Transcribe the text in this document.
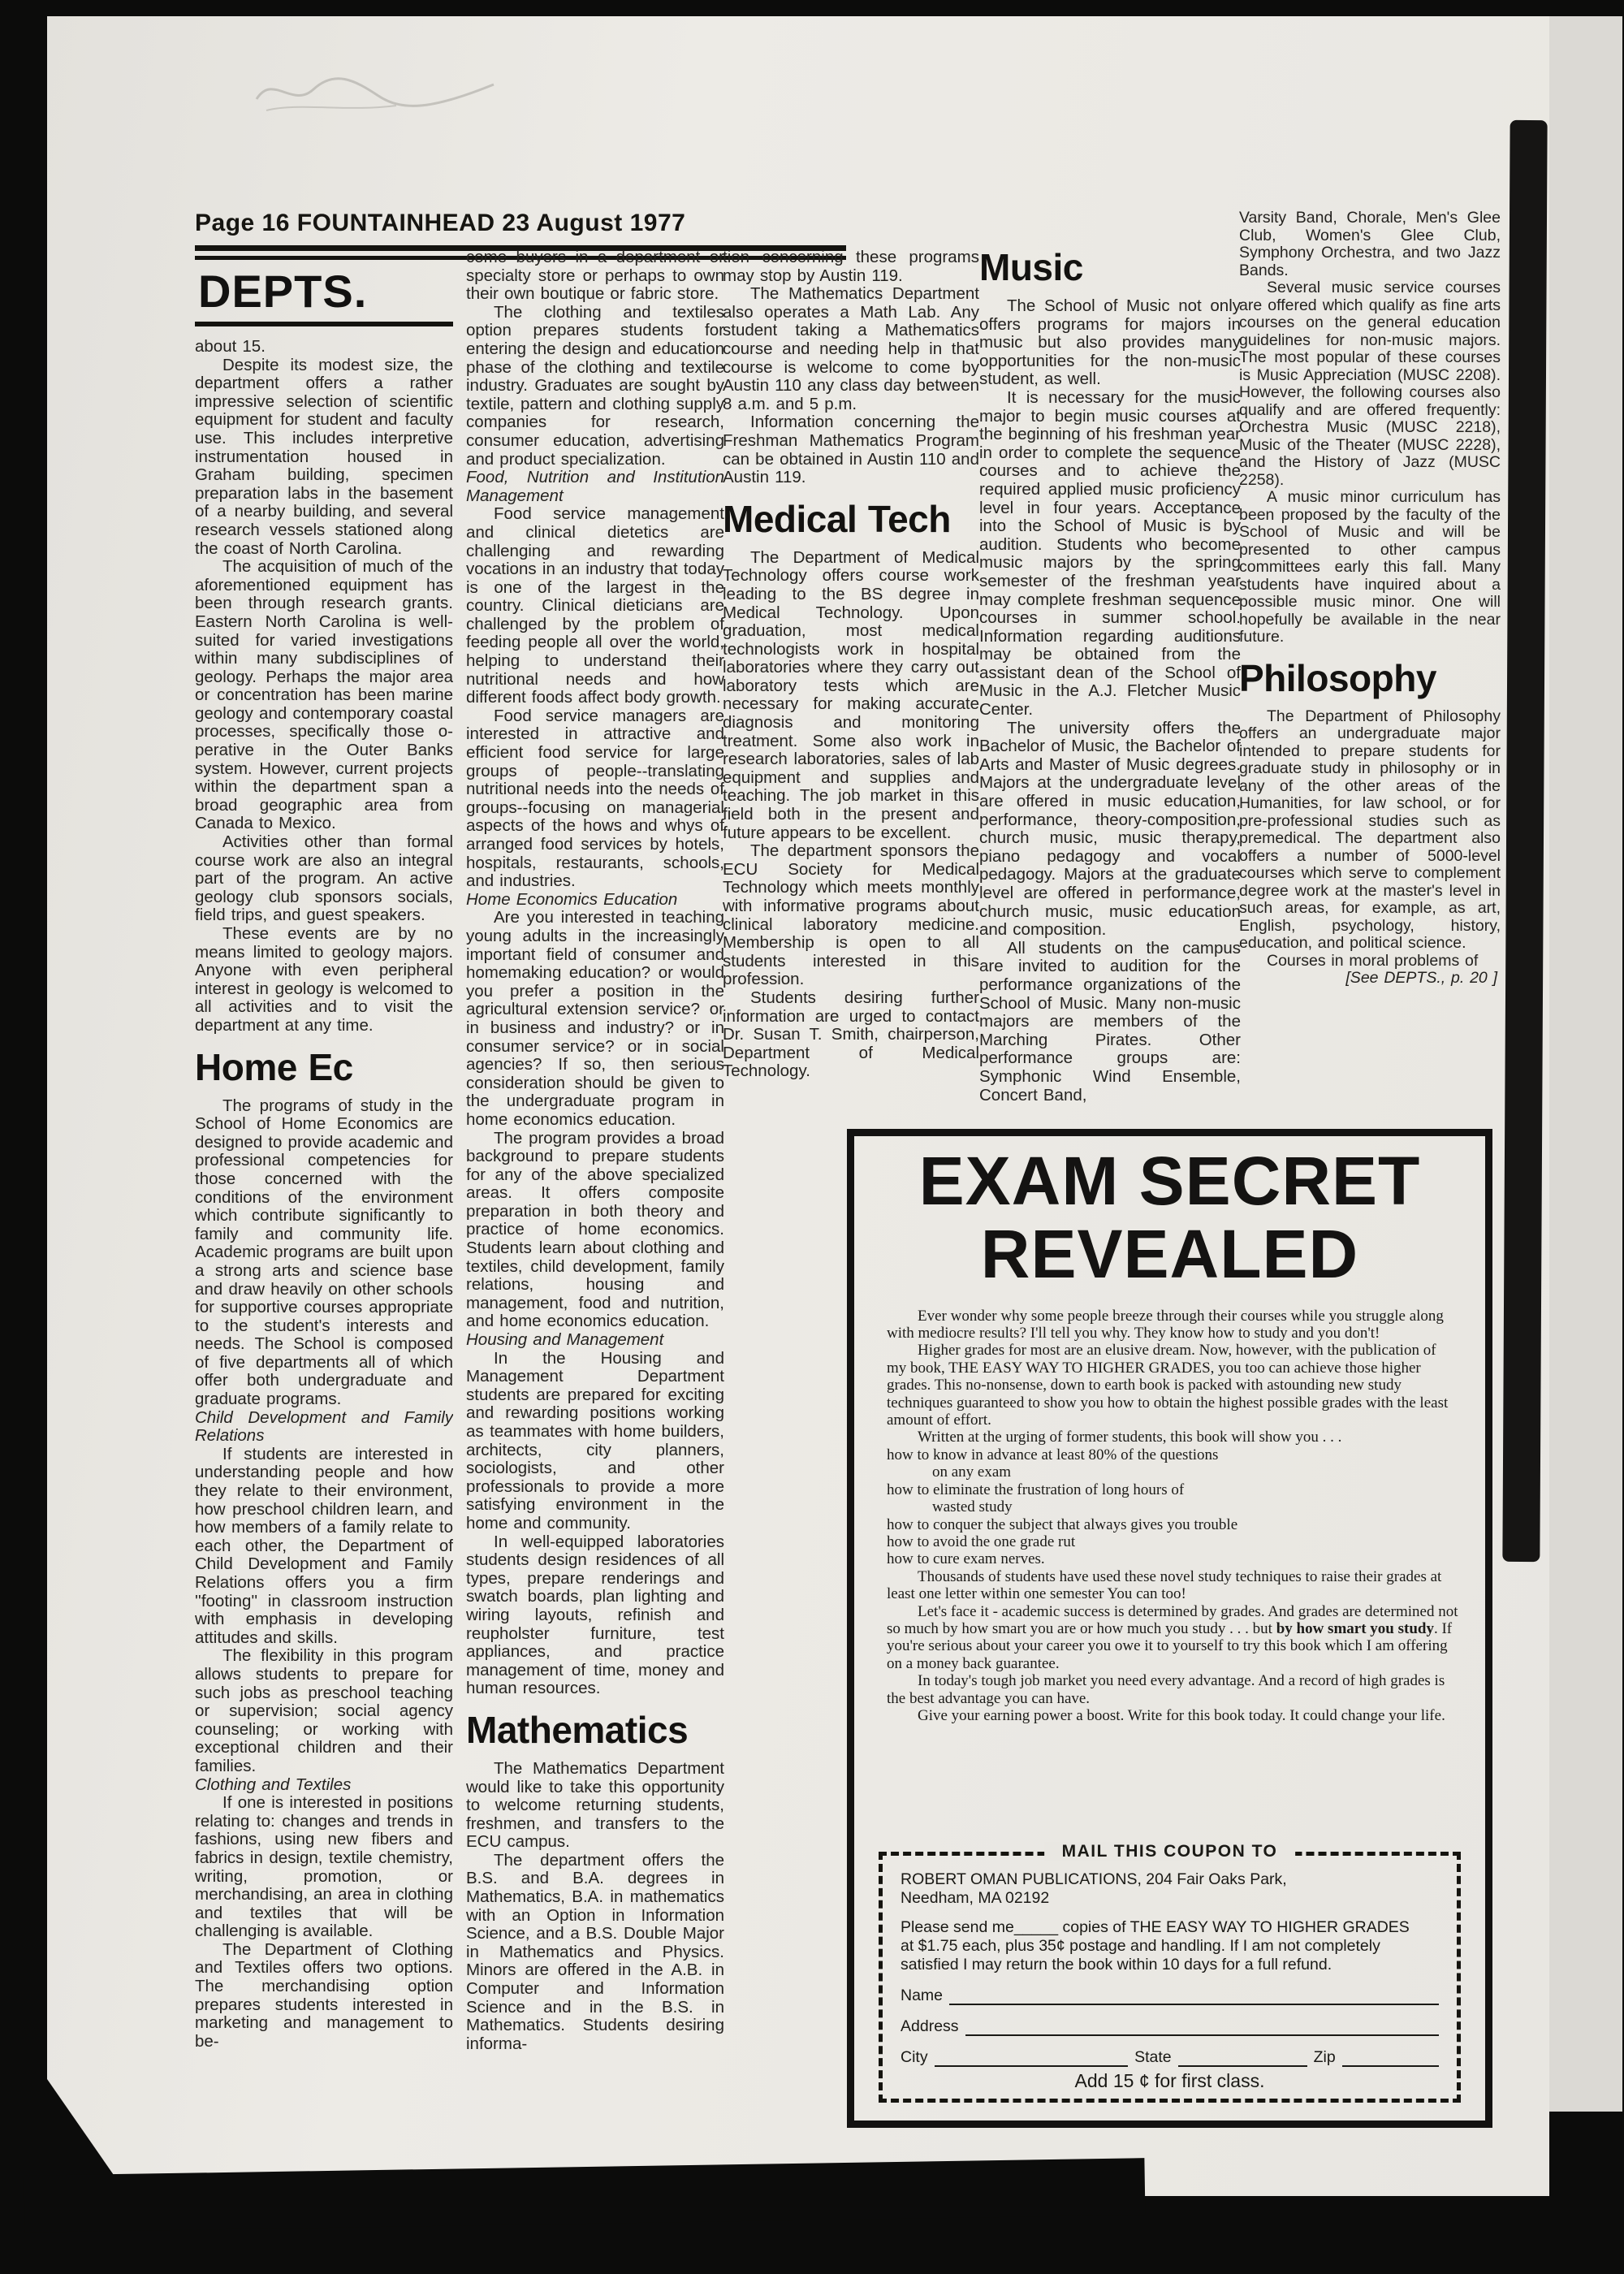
Page 16 FOUNTAINHEAD 23 August 1977
DEPTS.

about 15.

Despite its modest size, the department offers a rather impressive selection of scientific equipment for student and faculty use. This includes interpretive instrumentation housed in Graham building, specimen preparation labs in the basement of a nearby building, and several research vessels stationed along the coast of North Carolina.

The acquisition of much of the aforementioned equipment has been through research grants. Eastern North Carolina is well-suited for varied investigations within many subdisciplines of geology. Perhaps the major area or concentration has been marine geology and contemporary coastal processes, specifically those o-perative in the Outer Banks system. However, current projects within the department span a broad geographic area from Canada to Mexico.

Activities other than formal course work are also an integral part of the program. An active geology club sponsors socials, field trips, and guest speakers.

These events are by no means limited to geology majors. Anyone with even peripheral interest in geology is welcomed to all activities and to visit the department at any time.

Home Ec

The programs of study in the School of Home Economics are designed to provide academic and professional competencies for those concerned with the conditions of the environment which contribute significantly to family and community life. Academic programs are built upon a strong arts and science base and draw heavily on other schools for supportive courses appropriate to the student's interests and needs. The School is composed of five departments all of which offer both undergraduate and graduate programs.

Child Development and Family Relations

If students are interested in understanding people and how they relate to their environment, how preschool children learn, and how members of a family relate to each other, the Department of Child Development and Family Relations offers you a firm ''footing'' in classroom instruction with emphasis in developing attitudes and skills.

The flexibility in this program allows students to prepare for such jobs as preschool teaching or supervision; social agency counseling; or working with exceptional children and their families.

Clothing and Textiles

If one is interested in positions relating to: changes and trends in fashions, using new fibers and fabrics in design, textile chemistry, writing, promotion, or merchandising, an area in clothing and textiles that will be challenging is available.

The Department of Clothing and Textiles offers two options. The merchandising option prepares students interested in marketing and management to be-

come buyers in a department or specialty store or perhaps to own their own boutique or fabric store.

The clothing and textiles option prepares students for entering the design and education phase of the clothing and textile industry. Graduates are sought by textile, pattern and clothing supply companies for research, consumer education, advertising and product specialization.

Food, Nutrition and Institution Management

Food service management and clinical dietetics are challenging and rewarding vocations in an industry that today is one of the largest in the country. Clinical dieticians are challenged by the problem of feeding people all over the world, helping to understand their nutritional needs and how different foods affect body growth.

Food service managers are interested in attractive and efficient food service for large groups of people--translating nutritional needs into the needs of groups--focusing on managerial aspects of the hows and whys of arranged food services by hotels, hospitals, restaurants, schools, and industries.

Home Economics Education

Are you interested in teaching young adults in the increasingly important field of consumer and homemaking education? or would you prefer a position in the agricultural extension service? or in business and industry? or in consumer service? or in social agencies? If so, then serious consideration should be given to the undergraduate program in home economics education.

The program provides a broad background to prepare students for any of the above specialized areas. It offers composite preparation in both theory and practice of home economics. Students learn about clothing and textiles, child development, family relations, housing and management, food and nutrition, and home economics education.

Housing and Management

In the Housing and Management Department students are prepared for exciting and rewarding positions working as teammates with home builders, architects, city planners, sociologists, and other professionals to provide a more satisfying environment in the home and community.

In well-equipped laboratories students design residences of all types, prepare renderings and swatch boards, plan lighting and wiring layouts, refinish and reupholster furniture, test appliances, and practice management of time, money and human resources.

Mathematics

The Mathematics Department would like to take this opportunity to welcome returning students, freshmen, and transfers to the ECU campus.

The department offers the B.S. and B.A. degrees in Mathematics, B.A. in mathematics with an Option in Information Science, and a B.S. Double Major in Mathematics and Physics. Minors are offered in the A.B. in Computer and Information Science and in the B.S. in Mathematics. Students desiring informa-

tion concerning these programs may stop by Austin 119.

The Mathematics Department also operates a Math Lab. Any student taking a Mathematics course and needing help in that course is welcome to come by Austin 110 any class day between 8 a.m. and 5 p.m.

Information concerning the Freshman Mathematics Program can be obtained in Austin 110 and Austin 119.

Medical Tech

The Department of Medical Technology offers course work leading to the BS degree in Medical Technology. Upon graduation, most medical technologists work in hospital laboratories where they carry out laboratory tests which are necessary for making accurate diagnosis and monitoring treatment. Some also work in research laboratories, sales of lab equipment and supplies and teaching. The job market in this field both in the present and future appears to be excellent.

The department sponsors the ECU Society for Medical Technology which meets monthly with informative programs about clinical laboratory medicine. Membership is open to all students interested in this profession.

Students desiring further information are urged to contact Dr. Susan T. Smith, chairperson, Department of Medical Technology.

Music

The School of Music not only offers programs for majors in music but also provides many opportunities for the non-music student, as well.

It is necessary for the music major to begin music courses at the beginning of his freshman year in order to complete the sequence courses and to achieve the required applied music proficiency level in four years. Acceptance into the School of Music is by audition. Students who become music majors by the spring semester of the freshman year may complete freshman sequence courses in summer school. Information regarding auditions may be obtained from the assistant dean of the School of Music in the A.J. Fletcher Music Center.

The university offers the Bachelor of Music, the Bachelor of Arts and Master of Music degrees. Majors at the undergraduate level are offered in music education, performance, theory-composition, church music, music therapy, piano pedagogy and vocal pedagogy. Majors at the graduate level are offered in performance, church music, music education and composition.

All students on the campus are invited to audition for the performance organizations of the School of Music. Many non-music majors are members of the Marching Pirates. Other performance groups are: Symphonic Wind Ensemble, Concert Band,

Varsity Band, Chorale, Men's Glee Club, Women's Glee Club, Symphony Orchestra, and two Jazz Bands.

Several music service courses are offered which qualify as fine arts courses on the general education guidelines for non-music majors. The most popular of these courses is Music Appreciation (MUSC 2208). However, the following courses also qualify and are offered frequently: Orchestra Music (MUSC 2218), Music of the Theater (MUSC 2228), and the History of Jazz (MUSC 2258).

A music minor curriculum has been proposed by the faculty of the School of Music and will be presented to other campus committees early this fall. Many students have inquired about a possible music minor. One will hopefully be available in the near future.

Philosophy

The Department of Philosophy offers an undergraduate major intended to prepare students for graduate study in philosophy or in any of the other areas of the Humanities, for law school, or for pre-professional studies such as premedical. The department also offers a number of 5000-level courses which serve to complement degree work at the master's level in such areas, for example, as art, English, psychology, history, education, and political science.

Courses in moral problems of

[See DEPTS., p. 20 ]

EXAM SECRET
REVEALED

Ever wonder why some people breeze through their courses while you struggle along with mediocre results? I'll tell you why. They know how to study and you don't!

Higher grades for most are an elusive dream. Now, however, with the publication of my book, THE EASY WAY TO HIGHER GRADES, you too can achieve those higher grades. This no-nonsense, down to earth book is packed with astounding new study techniques guaranteed to show you how to obtain the highest possible grades with the least amount of effort.

Written at the urging of former students, this book will show you . . .

how to know in advance at least 80% of the questions

on any exam

how to eliminate the frustration of long hours of

wasted study

how to conquer the subject that always gives you trouble

how to avoid the one grade rut

how to cure exam nerves.

Thousands of students have used these novel study techniques to raise their grades at least one letter within one semester You can too!

Let's face it - academic success is determined by grades. And grades are determined not so much by how smart you are or how much you study . . . but by how smart you study. If you're serious about your career you owe it to yourself to try this book which I am offering on a money back guarantee.

In today's tough job market you need every advantage. And a record of high grades is the best advantage you can have.

Give your earning power a boost. Write for this book today. It could change your life.

MAIL THIS COUPON TO

ROBERT OMAN PUBLICATIONS, 204 Fair Oaks Park,

Needham, MA 02192

Please send me_____ copies of THE EASY WAY TO HIGHER GRADES

at $1.75 each, plus 35¢ postage and handling. If I am not completely

satisfied I may return the book within 10 days for a full refund.

Name
Address
City	State	Zip

Add 15 ¢ for first class.
